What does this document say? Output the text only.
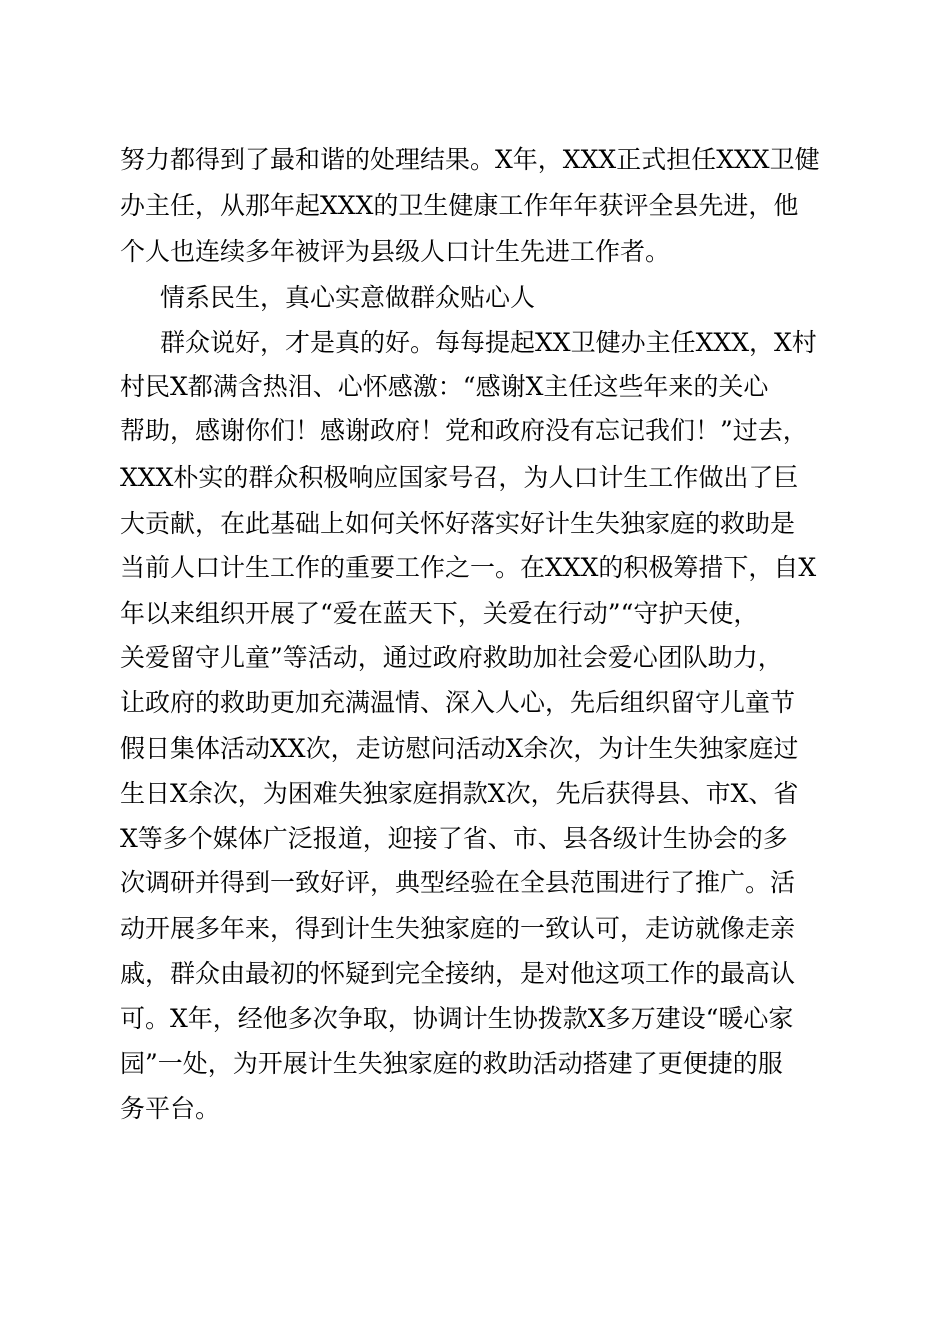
努力都得到了最和谐的处理结果。X年，XXX正式担任XXX卫健
办主任，从那年起XXX的卫生健康工作年年获评全县先进，他
个人也连续多年被评为县级人口计生先进工作者。
情系民生，真心实意做群众贴心人
群众说好，才是真的好。每每提起XX卫健办主任XXX，X村
村民X都满含热泪、心怀感激：“感谢X主任这些年来的关心
帮助，感谢你们！感谢政府！党和政府没有忘记我们！”过去，
XXX朴实的群众积极响应国家号召，为人口计生工作做出了巨
大贡献，在此基础上如何关怀好落实好计生失独家庭的救助是
当前人口计生工作的重要工作之一。在XXX的积极筹措下，自X
年以来组织开展了“爱在蓝天下，关爱在行动”“守护天使，
关爱留守儿童”等活动，通过政府救助加社会爱心团队助力，
让政府的救助更加充满温情、深入人心，先后组织留守儿童节
假日集体活动XX次，走访慰问活动X余次，为计生失独家庭过
生日X余次，为困难失独家庭捐款X次，先后获得县、市X、省
X等多个媒体广泛报道，迎接了省、市、县各级计生协会的多
次调研并得到一致好评，典型经验在全县范围进行了推广。活
动开展多年来，得到计生失独家庭的一致认可，走访就像走亲
戚，群众由最初的怀疑到完全接纳，是对他这项工作的最高认
可。X年，经他多次争取，协调计生协拨款X多万建设“暖心家
园”一处，为开展计生失独家庭的救助活动搭建了更便捷的服
务平台。
